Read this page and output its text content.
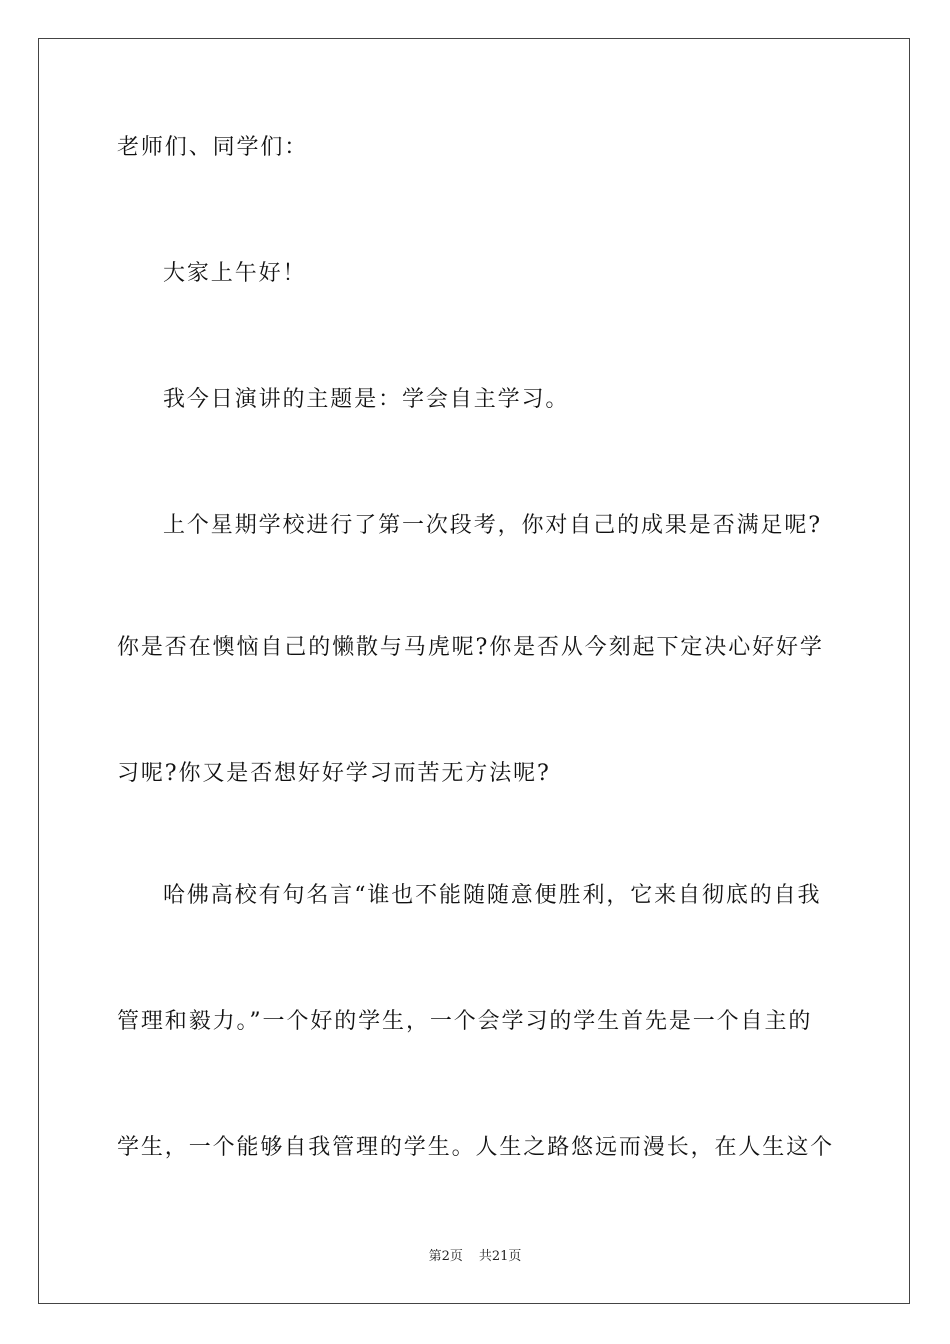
老师们、同学们：

大家上午好！

我今日演讲的主题是：学会自主学习。

上个星期学校进行了第一次段考，你对自己的成果是否满足呢?

你是否在懊恼自己的懒散与马虎呢?你是否从今刻起下定决心好好学

习呢?你又是否想好好学习而苦无方法呢?

哈佛高校有句名言“谁也不能随随意便胜利，它来自彻底的自我

管理和毅力。”一个好的学生，一个会学习的学生首先是一个自主的

学生，一个能够自我管理的学生。人生之路悠远而漫长，在人生这个

第2页 共21页
